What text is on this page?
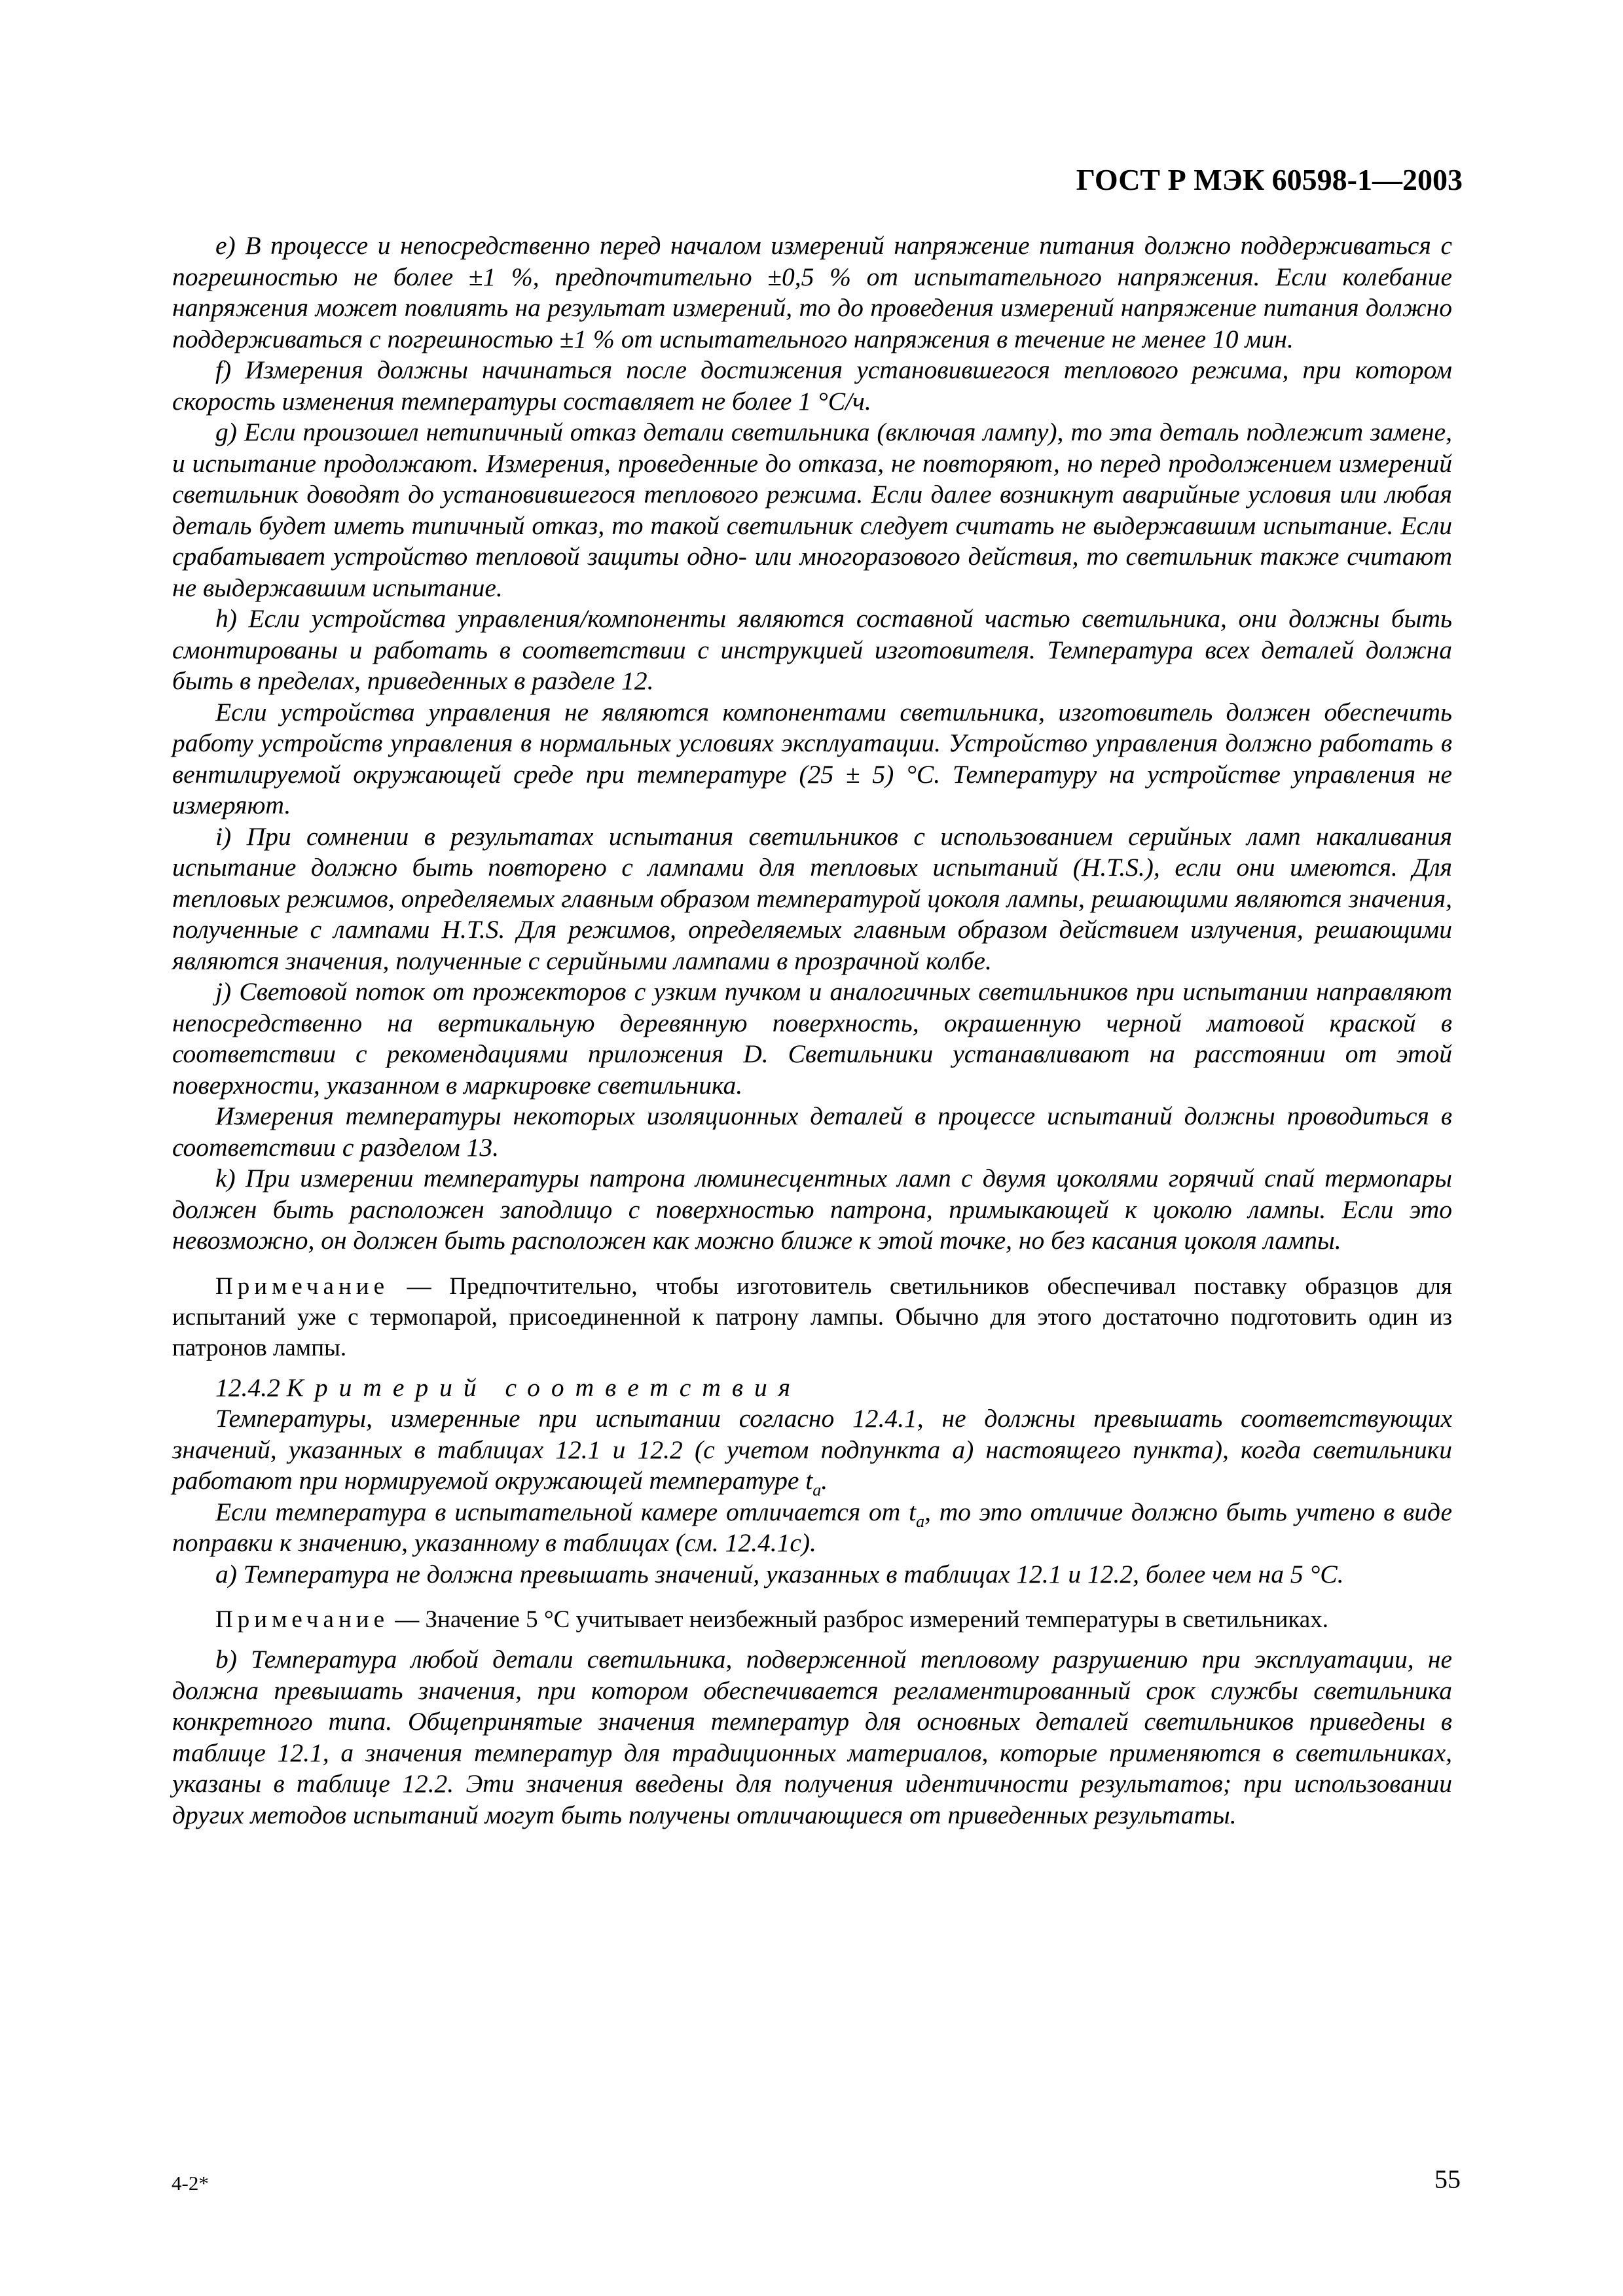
ГОСТ Р МЭК 60598-1—2003

е) В процессе и непосредственно перед началом измерений напряжение питания должно поддерживаться с погрешностью не более ±1 %, предпочтительно ±0,5 % от испытательного напряжения. Если колебание напряжения может повлиять на результат измерений, то до проведения измерений напряжение питания должно поддерживаться с погрешностью ±1 % от испытательного напряжения в течение не менее 10 мин.

f) Измерения должны начинаться после достижения установившегося теплового режима, при котором скорость изменения температуры составляет не более 1 °С/ч.

g) Если произошел нетипичный отказ детали светильника (включая лампу), то эта деталь подлежит замене, и испытание продолжают. Измерения, проведенные до отказа, не повторяют, но перед продолжением измерений светильник доводят до установившегося теплового режима. Если далее возникнут аварийные условия или любая деталь будет иметь типичный отказ, то такой светильник следует считать не выдержавшим испытание. Если срабатывает устройство тепловой защиты одно- или многоразового действия, то светильник также считают не выдержавшим испытание.

h) Если устройства управления/компоненты являются составной частью светильника, они должны быть смонтированы и работать в соответствии с инструкцией изготовителя. Температура всех деталей должна быть в пределах, приведенных в разделе 12.

Если устройства управления не являются компонентами светильника, изготовитель должен обеспечить работу устройств управления в нормальных условиях эксплуатации. Устройство управления должно работать в вентилируемой окружающей среде при температуре (25 ± 5) °С. Температуру на устройстве управления не измеряют.

i) При сомнении в результатах испытания светильников с использованием серийных ламп накаливания испытание должно быть повторено с лампами для тепловых испытаний (H.T.S.), если они имеются. Для тепловых режимов, определяемых главным образом температурой цоколя лампы, решающими являются значения, полученные с лампами H.T.S. Для режимов, определяемых главным образом действием излучения, решающими являются значения, полученные с серийными лампами в прозрачной колбе.

j) Световой поток от прожекторов с узким пучком и аналогичных светильников при испытании направляют непосредственно на вертикальную деревянную поверхность, окрашенную черной матовой краской в соответствии с рекомендациями приложения D. Светильники устанавливают на расстоянии от этой поверхности, указанном в маркировке светильника.

Измерения температуры некоторых изоляционных деталей в процессе испытаний должны проводиться в соответствии с разделом 13.

k) При измерении температуры патрона люминесцентных ламп с двумя цоколями горячий спай термопары должен быть расположен заподлицо с поверхностью патрона, примыкающей к цоколю лампы. Если это невозможно, он должен быть расположен как можно ближе к этой точке, но без касания цоколя лампы.

Примечание — Предпочтительно, чтобы изготовитель светильников обеспечивал поставку образцов для испытаний уже с термопарой, присоединенной к патрону лампы. Обычно для этого достаточно подготовить один из патронов лампы.

12.4.2 Критерий соответствия

Температуры, измеренные при испытании согласно 12.4.1, не должны превышать соответствующих значений, указанных в таблицах 12.1 и 12.2 (с учетом подпункта а) настоящего пункта), когда светильники работают при нормируемой окружающей температуре $t_a$.

Если температура в испытательной камере отличается от $t_a$, то это отличие должно быть учтено в виде поправки к значению, указанному в таблицах (см. 12.4.1с).

а) Температура не должна превышать значений, указанных в таблицах 12.1 и 12.2, более чем на 5 °С.

Примечание — Значение 5 °С учитывает неизбежный разброс измерений температуры в светильниках.

b) Температура любой детали светильника, подверженной тепловому разрушению при эксплуатации, не должна превышать значения, при котором обеспечивается регламентированный срок службы светильника конкретного типа. Общепринятые значения температур для основных деталей светильников приведены в таблице 12.1, а значения температур для традиционных материалов, которые применяются в светильниках, указаны в таблице 12.2. Эти значения введены для получения идентичности результатов; при использовании других методов испытаний могут быть получены отличающиеся от приведенных результаты.

4-2*	55
